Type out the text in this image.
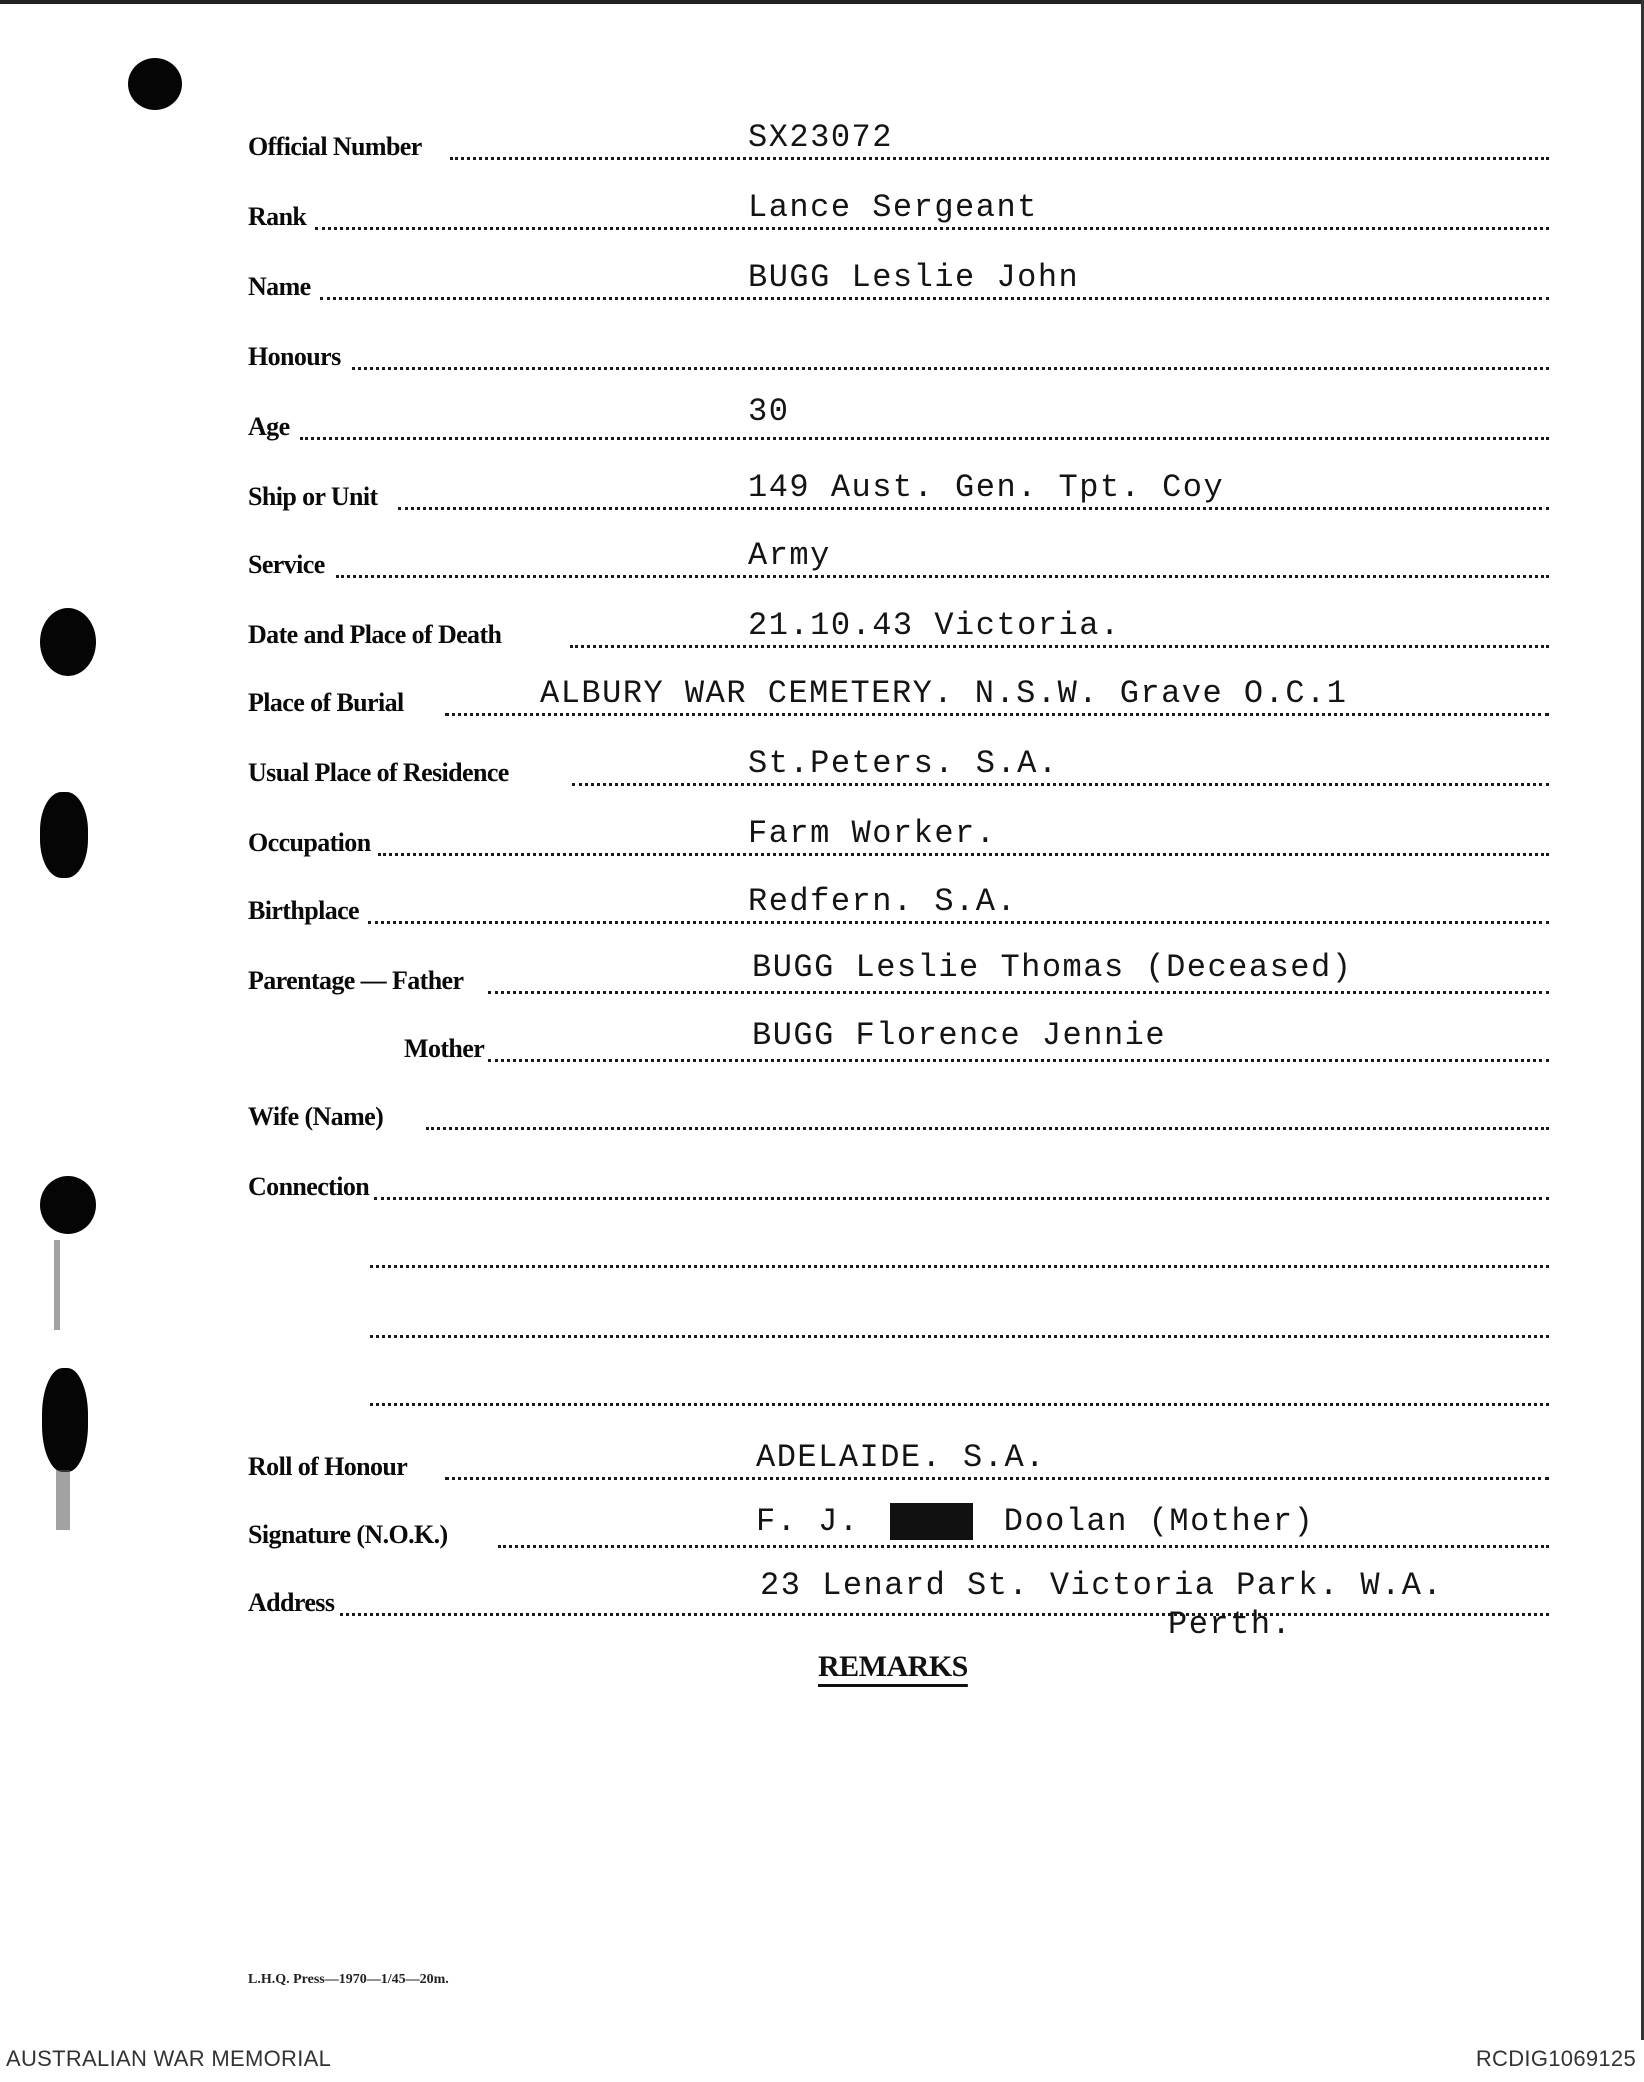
Official Number	SX23072
Rank	Lance Sergeant
Name	BUGG Leslie John
Honours
Age	30
Ship or Unit	149 Aust. Gen. Tpt. Coy
Service	Army
Date and Place of Death	21.10.43 Victoria.
Place of Burial	ALBURY WAR CEMETERY. N.S.W. Grave O.C.1
Usual Place of Residence	St.Peters. S.A.
Occupation	Farm Worker.
Birthplace	Redfern. S.A.
Parentage — Father	BUGG Leslie Thomas (Deceased)
Mother	BUGG Florence Jennie
Wife (Name)
Connection
Roll of Honour	ADELAIDE. S.A.
Signature (N.O.K.)	F. J. XXXX Doolan (Mother)
Address	23 Lenard St. Victoria Park. W.A.
Perth.
REMARKS
L.H.Q. Press—1970—1/45—20m.
AUSTRALIAN WAR MEMORIAL	RCDIG1069125
